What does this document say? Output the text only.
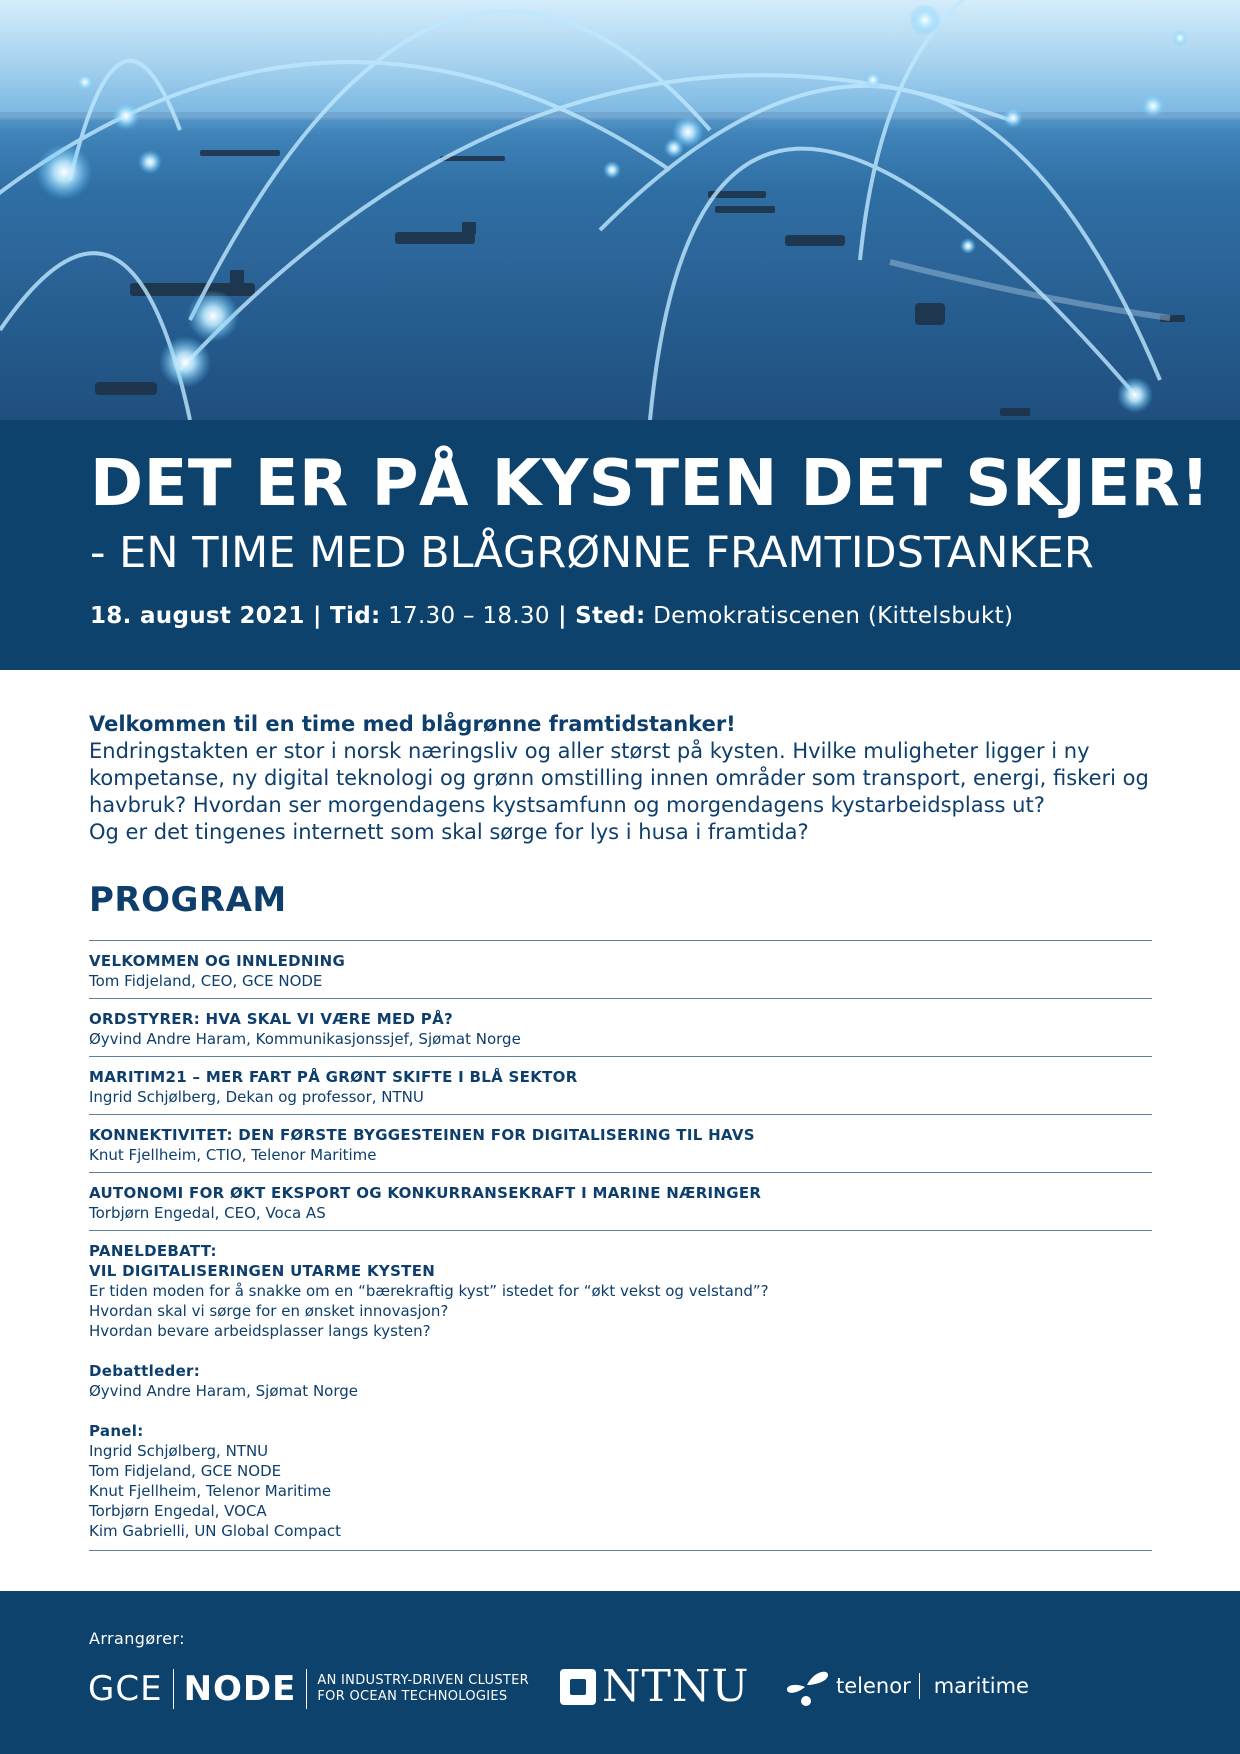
DET ER PÅ KYSTEN DET SKJER!
- EN TIME MED BLÅGRØNNE FRAMTIDSTANKER
18. august 2021 | Tid: 17.30 – 18.30 | Sted: Demokratiscenen (Kittelsbukt)

Velkommen til en time med blågrønne framtidstanker!

Endringstakten er stor i norsk næringsliv og aller størst på kysten. Hvilke muligheter ligger i ny kompetanse, ny digital teknologi og grønn omstilling innen områder som transport, energi, fiskeri og havbruk? Hvordan ser morgendagens kystsamfunn og morgendagens kystarbeidsplass ut?

Og er det tingenes internett som skal sørge for lys i husa i framtida?

PROGRAM
VELKOMMEN OG INNLEDNING
Tom Fidjeland, CEO, GCE NODE
ORDSTYRER: HVA SKAL VI VÆRE MED PÅ?
Øyvind Andre Haram, Kommunikasjonssjef, Sjømat Norge
MARITIM21 – MER FART PÅ GRØNT SKIFTE I BLÅ SEKTOR
Ingrid Schjølberg, Dekan og professor, NTNU
KONNEKTIVITET: DEN FØRSTE BYGGESTEINEN FOR DIGITALISERING TIL HAVS
Knut Fjellheim, CTIO, Telenor Maritime
AUTONOMI FOR ØKT EKSPORT OG KONKURRANSEKRAFT I MARINE NÆRINGER
Torbjørn Engedal, CEO, Voca AS
PANELDEBATT:
VIL DIGITALISERINGEN UTARME KYSTEN
Er tiden moden for å snakke om en “bærekraftig kyst” istedet for “økt vekst og velstand”?
Hvordan skal vi sørge for en ønsket innovasjon?
Hvordan bevare arbeidsplasser langs kysten?
Debattleder:
Øyvind Andre Haram, Sjømat Norge
Panel:
Ingrid Schjølberg, NTNU
Tom Fidjeland, GCE NODE
Knut Fjellheim, Telenor Maritime
Torbjørn Engedal, VOCA
Kim Gabrielli, UN Global Compact
Arrangører:
GCE NODE AN INDUSTRY-DRIVEN CLUSTER
FOR OCEAN TECHNOLOGIES	NTNU	telenor maritime
